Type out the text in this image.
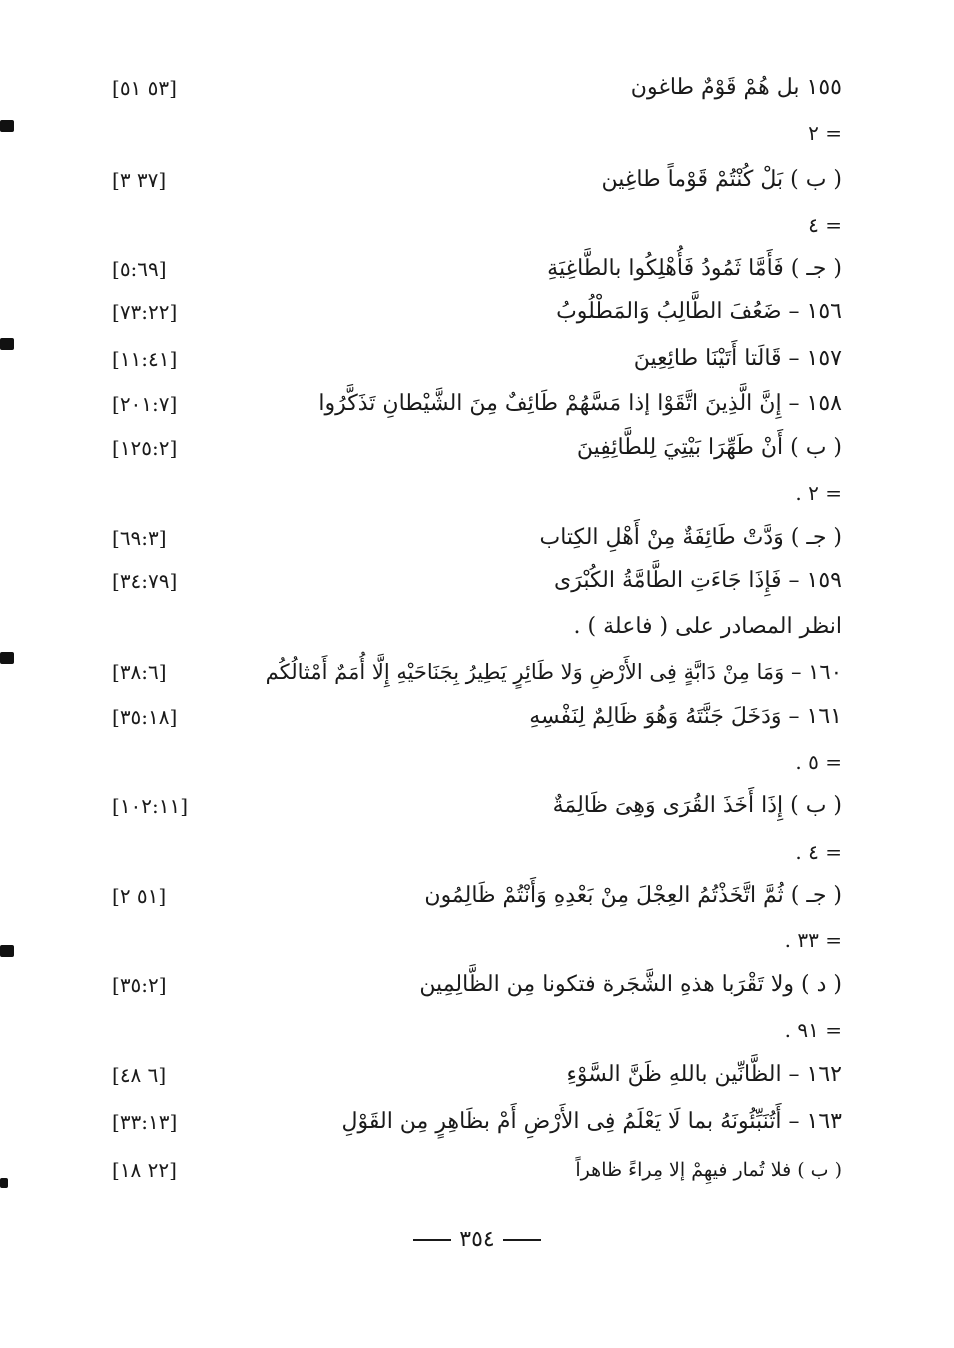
١٥٥ بل هُمْ قَوْمٌ طاغون
[٥٣ ٥١]
= ٢
( ب ) بَلْ كُنْتُمْ قَوْماً طاغِين
[٣٧ ٣]
= ٤
( جـ ) فَأَمَّا ثَمُودُ فَأُهْلِكُوا بالطَّاغِيَةِ
[٥:٦٩]
١٥٦ – ضَعُفَ الطَّالِبُ وَالمَطْلُوبُ
[٧٣:٢٢]
١٥٧ – قَالَتا أَتَيْنَا طائِعِينَ
[١١:٤١]
١٥٨ – إِنَّ الَّذِينَ اتَّقَوْا إذا مَسَّهُمْ طَائِفٌ مِنَ الشَّيْطانِ تَذَكَّرُوا
[٢٠١:٧]
( ب ) أَنْ طَهِّرَا بَيْتِيَ لِلطَّائِفِينَ
[١٢٥:٢]
= ٢ .
( جـ ) وَدَّتْ طَائِفَةٌ مِنْ أَهْلِ الكِتاب
[٦٩:٣]
١٥٩ – فَإِذَا جَاءَتِ الطَّامَّةُ الكُبْرَى
[٣٤:٧٩]
انظر المصادر على ( فاعلة ) .
١٦٠ – وَمَا مِنْ دَابَّةٍ فِى الأَرْضِ وَلا طَائِرٍ يَطِيرُ بِجَنَاحَيْهِ إِلَّا أُمَمٌ أَمْثالُكُم
[٣٨:٦]
١٦١ – وَدَخَلَ جَنَّتَهُ وَهُوَ ظَالِمٌ لِنَفْسِهِ
[٣٥:١٨]
= ٥ .
( ب ) إِذَا أَخَذَ القُرَى وَهِىَ ظَالِمَةٌ
[١٠٢:١١]
= ٤ .
( جـ ) ثُمَّ اتَّخَذْتُمُ العِجْلَ مِنْ بَعْدِهِ وَأَنْتُمْ ظَالِمُون
[٥١ ٢]
= ٣٣ .
( د ) ولا تَقْرَبا هذهِ الشَّجَرة فتكونا مِن الظَّالِمِين
[٣٥:٢]
= ٩١ .
١٦٢ – الظَّانِّين باللهِ ظَنَّ السَّوْءِ
[٦ ٤٨]
١٦٣ – أَتُنَبِّئُونَهُ بما لَا يَعْلَمُ فِى الأَرْضِ أَمْ بظَاهِرٍ مِن القَوْلِ
[٣٣:١٣]
( ب ) فلا تُمار فيهِمْ إلا مِراءً ظاهراً
[٢٢ ١٨]
٣٥٤
